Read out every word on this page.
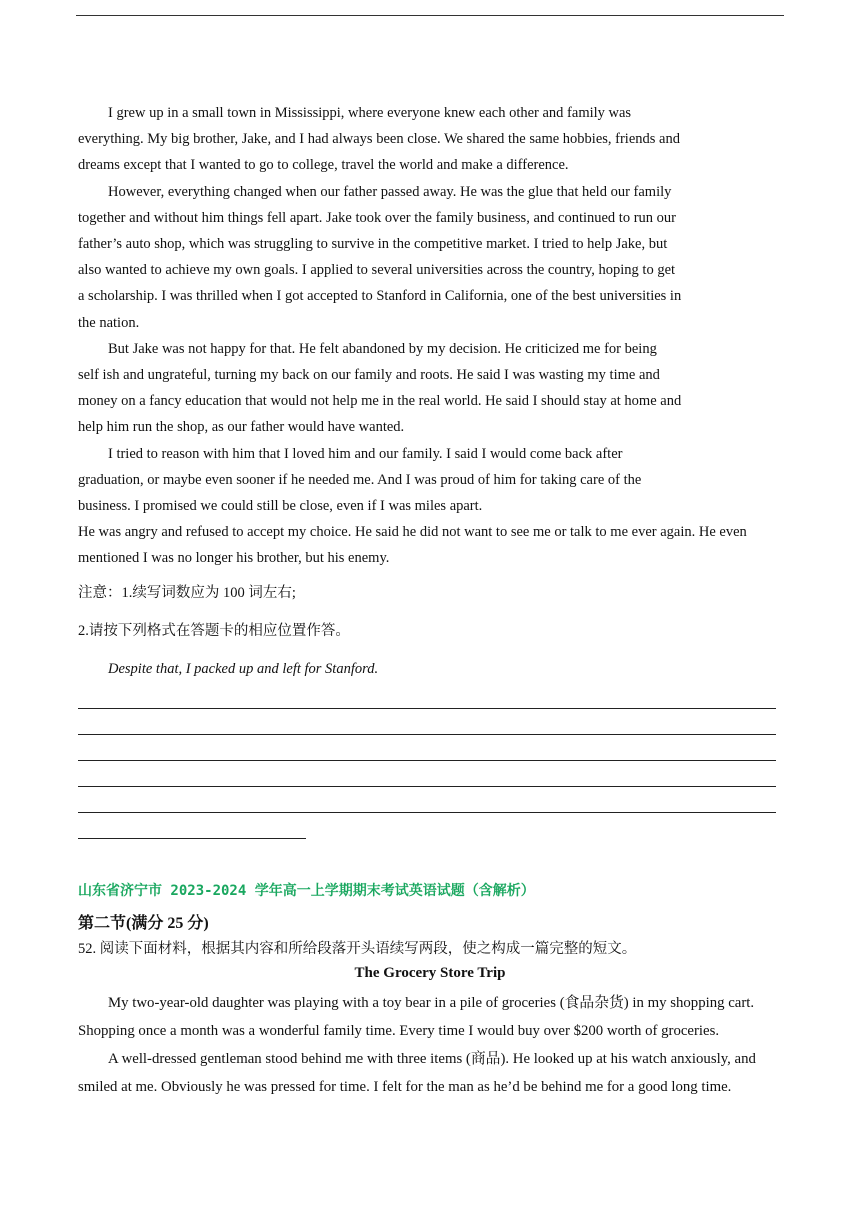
I grew up in a small town in Mississippi, where everyone knew each other and family was

everything. My big brother, Jake, and I had always been close. We shared the same hobbies, friends and

dreams except that I wanted to go to college, travel the world and make a difference.

However, everything changed when our father passed away. He was the glue that held our family

together and without him things fell apart. Jake took over the family business, and continued to run our

father’s auto shop, which was struggling to survive in the competitive market. I tried to help Jake, but

also wanted to achieve my own goals. I applied to several universities across the country, hoping to get

a scholarship. I was thrilled when I got accepted to Stanford in California, one of the best universities in

the nation.

But Jake was not happy for that. He felt abandoned by my decision. He criticized me for being

self ish and ungrateful, turning my back on our family and roots. He said I was wasting my time and

money on a fancy education that would not help me in the real world. He said I should stay at home and

help him run the shop, as our father would have wanted.

I tried to reason with him that I loved him and our family. I said I would come back after

graduation, or maybe even sooner if he needed me. And I was proud of him for taking care of the

business. I promised we could still be close, even if I was miles apart.

He was angry and refused to accept my choice. He said he did not want to see me or talk to me ever again. He even

mentioned I was no longer his brother, but his enemy.

注意：1.续写词数应为 100 词左右;
2.请按下列格式在答题卡的相应位置作答。
Despite that, I packed up and left for Stanford.
山东省济宁市 2023-2024 学年高一上学期期末考试英语试题（含解析）
第二节(满分 25 分)
52. 阅读下面材料，根据其内容和所给段落开头语续写两段，使之构成一篇完整的短文。
The Grocery Store Trip

My two-year-old daughter was playing with a toy bear in a pile of groceries (食品杂货) in my shopping cart.

Shopping once a month was a wonderful family time. Every time I would buy over $200 worth of groceries.

A well-dressed gentleman stood behind me with three items (商品). He looked up at his watch anxiously, and

smiled at me. Obviously he was pressed for time. I felt for the man as he’d be behind me for a good long time.
